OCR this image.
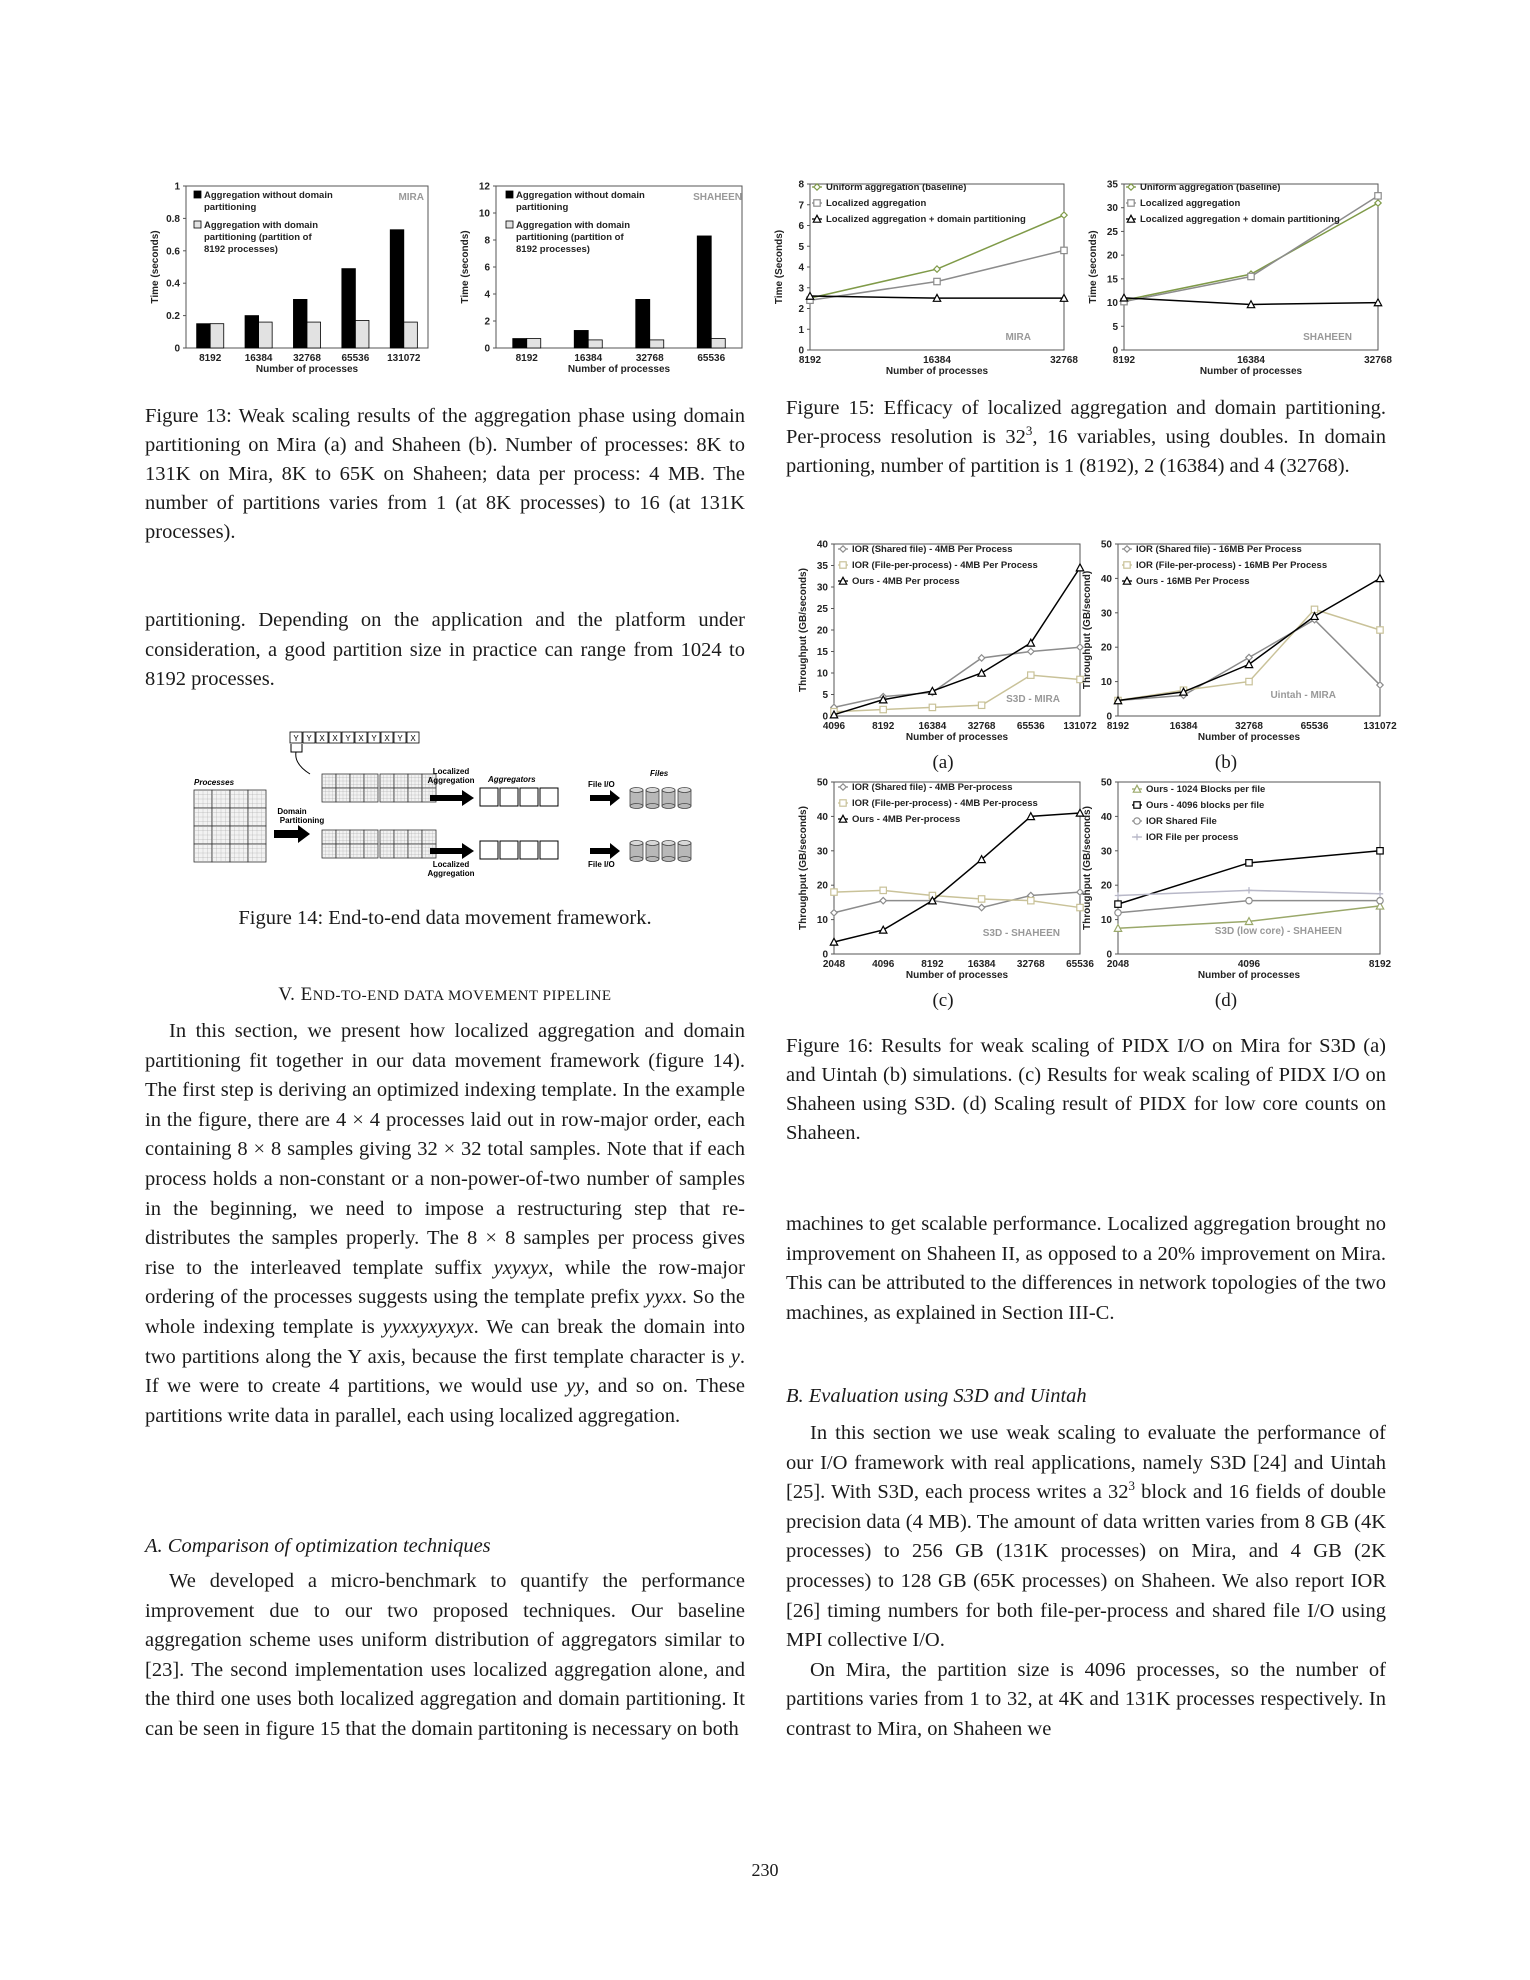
0
0.2
0.4
0.6
0.8
1
Time (seconds)
8192 16384 32768 65536 131072
Number of processes
MIRA
Aggregation without domain
partitioning
Aggregation with domain
partitioning (partition of
8192 processes)
0
2
4
6
8
10
12
Time (seconds)
8192	16384	32768	65536
Number of processes
SHAHEEN
Aggregation without domain
partitioning
Aggregation with domain
partitioning (partition of
8192 processes)
Figure 13: Weak scaling results of the aggregation phase using domain partitioning on Mira (a) and Shaheen (b). Number of processes: 8K to 131K on Mira, 8K to 65K on Shaheen; data per process: 4 MB. The number of partitions varies from 1 (at 8K processes) to 16 (at 131K processes).
partitioning. Depending on the application and the platform under consideration, a good partition size in practice can range from 1024 to 8192 processes.
Y Y X X Y X Y X Y X
Processes
Domain
Partitioning
Localized
Aggregation
Localized
Aggregation
Aggregators
File I/O
File I/O
Files
Figure 14: End-to-end data movement framework.
V. END-TO-END DATA MOVEMENT PIPELINE

In this section, we present how localized aggregation and domain partitioning fit together in our data movement framework (figure 14). The first step is deriving an optimized indexing template. In the example in the figure, there are 4 × 4 processes laid out in row-major order, each containing 8 × 8 samples giving 32 × 32 total samples. Note that if each process holds a non-constant or a non-power-of-two number of samples in the beginning, we need to impose a restructuring step that re-distributes the samples properly. The 8 × 8 samples per process gives rise to the interleaved template suffix yxyxyx, while the row-major ordering of the processes suggests using the template prefix yyxx. So the whole indexing template is yyxxyxyxyx. We can break the domain into two partitions along the Y axis, because the first template character is y. If we were to create 4 partitions, we would use yy, and so on. These partitions write data in parallel, each using localized aggregation.

A. Comparison of optimization techniques

We developed a micro-benchmark to quantify the performance improvement due to our two proposed techniques. Our baseline aggregation scheme uses uniform distribution of aggregators similar to [23]. The second implementation uses localized aggregation alone, and the third one uses both localized aggregation and domain partitioning. It can be seen in figure 15 that the domain partitoning is necessary on both

0
1
2
3
4
5
6
7
8
Time (Seconds)
8192	16384	32768
Number of processes
MIRA
Uniform aggregation (baseline)
Localized aggregation
Localized aggregation + domain partitioning
0
5
10
15
20
25
30
35
Time (seconds)
8192	16384	32768
Number of processes
SHAHEEN
Uniform aggregation (baseline)
Localized aggregation
Localized aggregation + domain partitioning
Figure 15: Efficacy of localized aggregation and domain partitioning. Per-process resolution is $32^3$, 16 variables, using doubles. In domain partioning, number of partition is 1 (8192), 2 (16384) and 4 (32768).
0
5
10
15
20
25
30
35
40
Throughput (GB/seconds)
4096	8192 16384 32768 65536 131072
Number of processes
S3D - MIRA
IOR (Shared file) - 4MB Per Process
IOR (File-per-process) - 4MB Per Process
Ours - 4MB Per process
0
10
20
30
40
50
Throughput (GB/second)
8192	16384	32768	65536	131072
Number of processes
Uintah - MIRA
IOR (Shared file) - 16MB Per Process
IOR (File-per-process) - 16MB Per Process
Ours - 16MB Per Process
(a)	(b)
0
10
20
30
40
50
Throughput (GB/seconds)
2048	4096	8192 16384 32768 65536
Number of processes
S3D - SHAHEEN
IOR (Shared file) - 4MB Per-process
IOR (File-per-process) - 4MB Per-process
Ours - 4MB Per-process
0
10
20
30
40
50
Throughput (GB/seconds)
2048	4096	8192
Number of processes
S3D (low core) - SHAHEEN
Ours - 1024 Blocks per file
Ours - 4096 blocks per file
IOR Shared File
IOR File per process
(c)	(d)
Figure 16: Results for weak scaling of PIDX I/O on Mira for S3D (a) and Uintah (b) simulations. (c) Results for weak scaling of PIDX I/O on Shaheen using S3D. (d) Scaling result of PIDX for low core counts on Shaheen.
machines to get scalable performance. Localized aggregation brought no improvement on Shaheen II, as opposed to a 20% improvement on Mira. This can be attributed to the differences in network topologies of the two machines, as explained in Section III-C.
B. Evaluation using S3D and Uintah

In this section we use weak scaling to evaluate the performance of our I/O framework with real applications, namely S3D [24] and Uintah [25]. With S3D, each process writes a $32^3$ block and 16 fields of double precision data (4 MB). The amount of data written varies from 8 GB (4K processes) to 256 GB (131K processes) on Mira, and 4 GB (2K processes) to 128 GB (65K processes) on Shaheen. We also report IOR [26] timing numbers for both file-per-process and shared file I/O using MPI collective I/O.

On Mira, the partition size is 4096 processes, so the number of partitions varies from 1 to 32, at 4K and 131K processes respectively. In contrast to Mira, on Shaheen we

230
